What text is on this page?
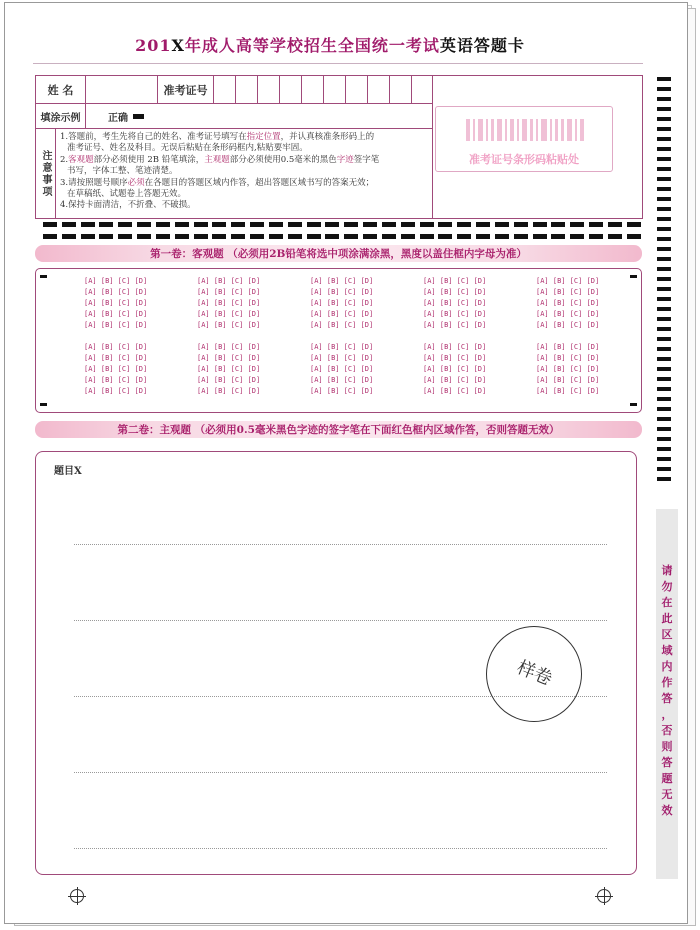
201X年成人高等学校招生全国统一考试英语答题卡
姓 名	准考证号
填涂示例	正确
注意事项
1.答题前，考生先将自己的姓名、准考证号填写在指定位置，并认真核准条形码上的
准考证号、姓名及科目。无误后粘贴在条形码框内,粘贴要牢固。
2.客观题部分必须使用 2B 铅笔填涂，主观题部分必须使用0.5毫米的黑色字迹签字笔
书写，字体工整、笔迹清楚。
3.请按照题号顺序必须在各题目的答题区域内作答，超出答题区域书写的答案无效；
在草稿纸、试题卷上答题无效。
4.保持卡面清洁，不折叠、不破损。
准考证号条形码粘贴处
第一卷：客观题 （必须用2B铅笔将选中项涂满涂黑，黑度以盖住框内字母为准）
[A] [B] [C] [D]
[A] [B] [C] [D]
[A] [B] [C] [D]
[A] [B] [C] [D]
[A] [B] [C] [D]
[A] [B] [C] [D]
[A] [B] [C] [D]
[A] [B] [C] [D]
[A] [B] [C] [D]
[A] [B] [C] [D]
[A] [B] [C] [D]
[A] [B] [C] [D]
[A] [B] [C] [D]
[A] [B] [C] [D]
[A] [B] [C] [D]
[A] [B] [C] [D]
[A] [B] [C] [D]
[A] [B] [C] [D]
[A] [B] [C] [D]
[A] [B] [C] [D]
[A] [B] [C] [D]
[A] [B] [C] [D]
[A] [B] [C] [D]
[A] [B] [C] [D]
[A] [B] [C] [D]
[A] [B] [C] [D]
[A] [B] [C] [D]
[A] [B] [C] [D]
[A] [B] [C] [D]
[A] [B] [C] [D]
[A] [B] [C] [D]
[A] [B] [C] [D]
[A] [B] [C] [D]
[A] [B] [C] [D]
[A] [B] [C] [D]
[A] [B] [C] [D]
[A] [B] [C] [D]
[A] [B] [C] [D]
[A] [B] [C] [D]
[A] [B] [C] [D]
[A] [B] [C] [D]
[A] [B] [C] [D]
[A] [B] [C] [D]
[A] [B] [C] [D]
[A] [B] [C] [D]
[A] [B] [C] [D]
[A] [B] [C] [D]
[A] [B] [C] [D]
[A] [B] [C] [D]
[A] [B] [C] [D]
第二卷：主观题 （必须用0.5毫米黑色字迹的签字笔在下面红色框内区域作答，否则答题无效）
题目X
样卷
请
勿
在
此
区
域
内
作
答
，
否
则
答
题
无
效
